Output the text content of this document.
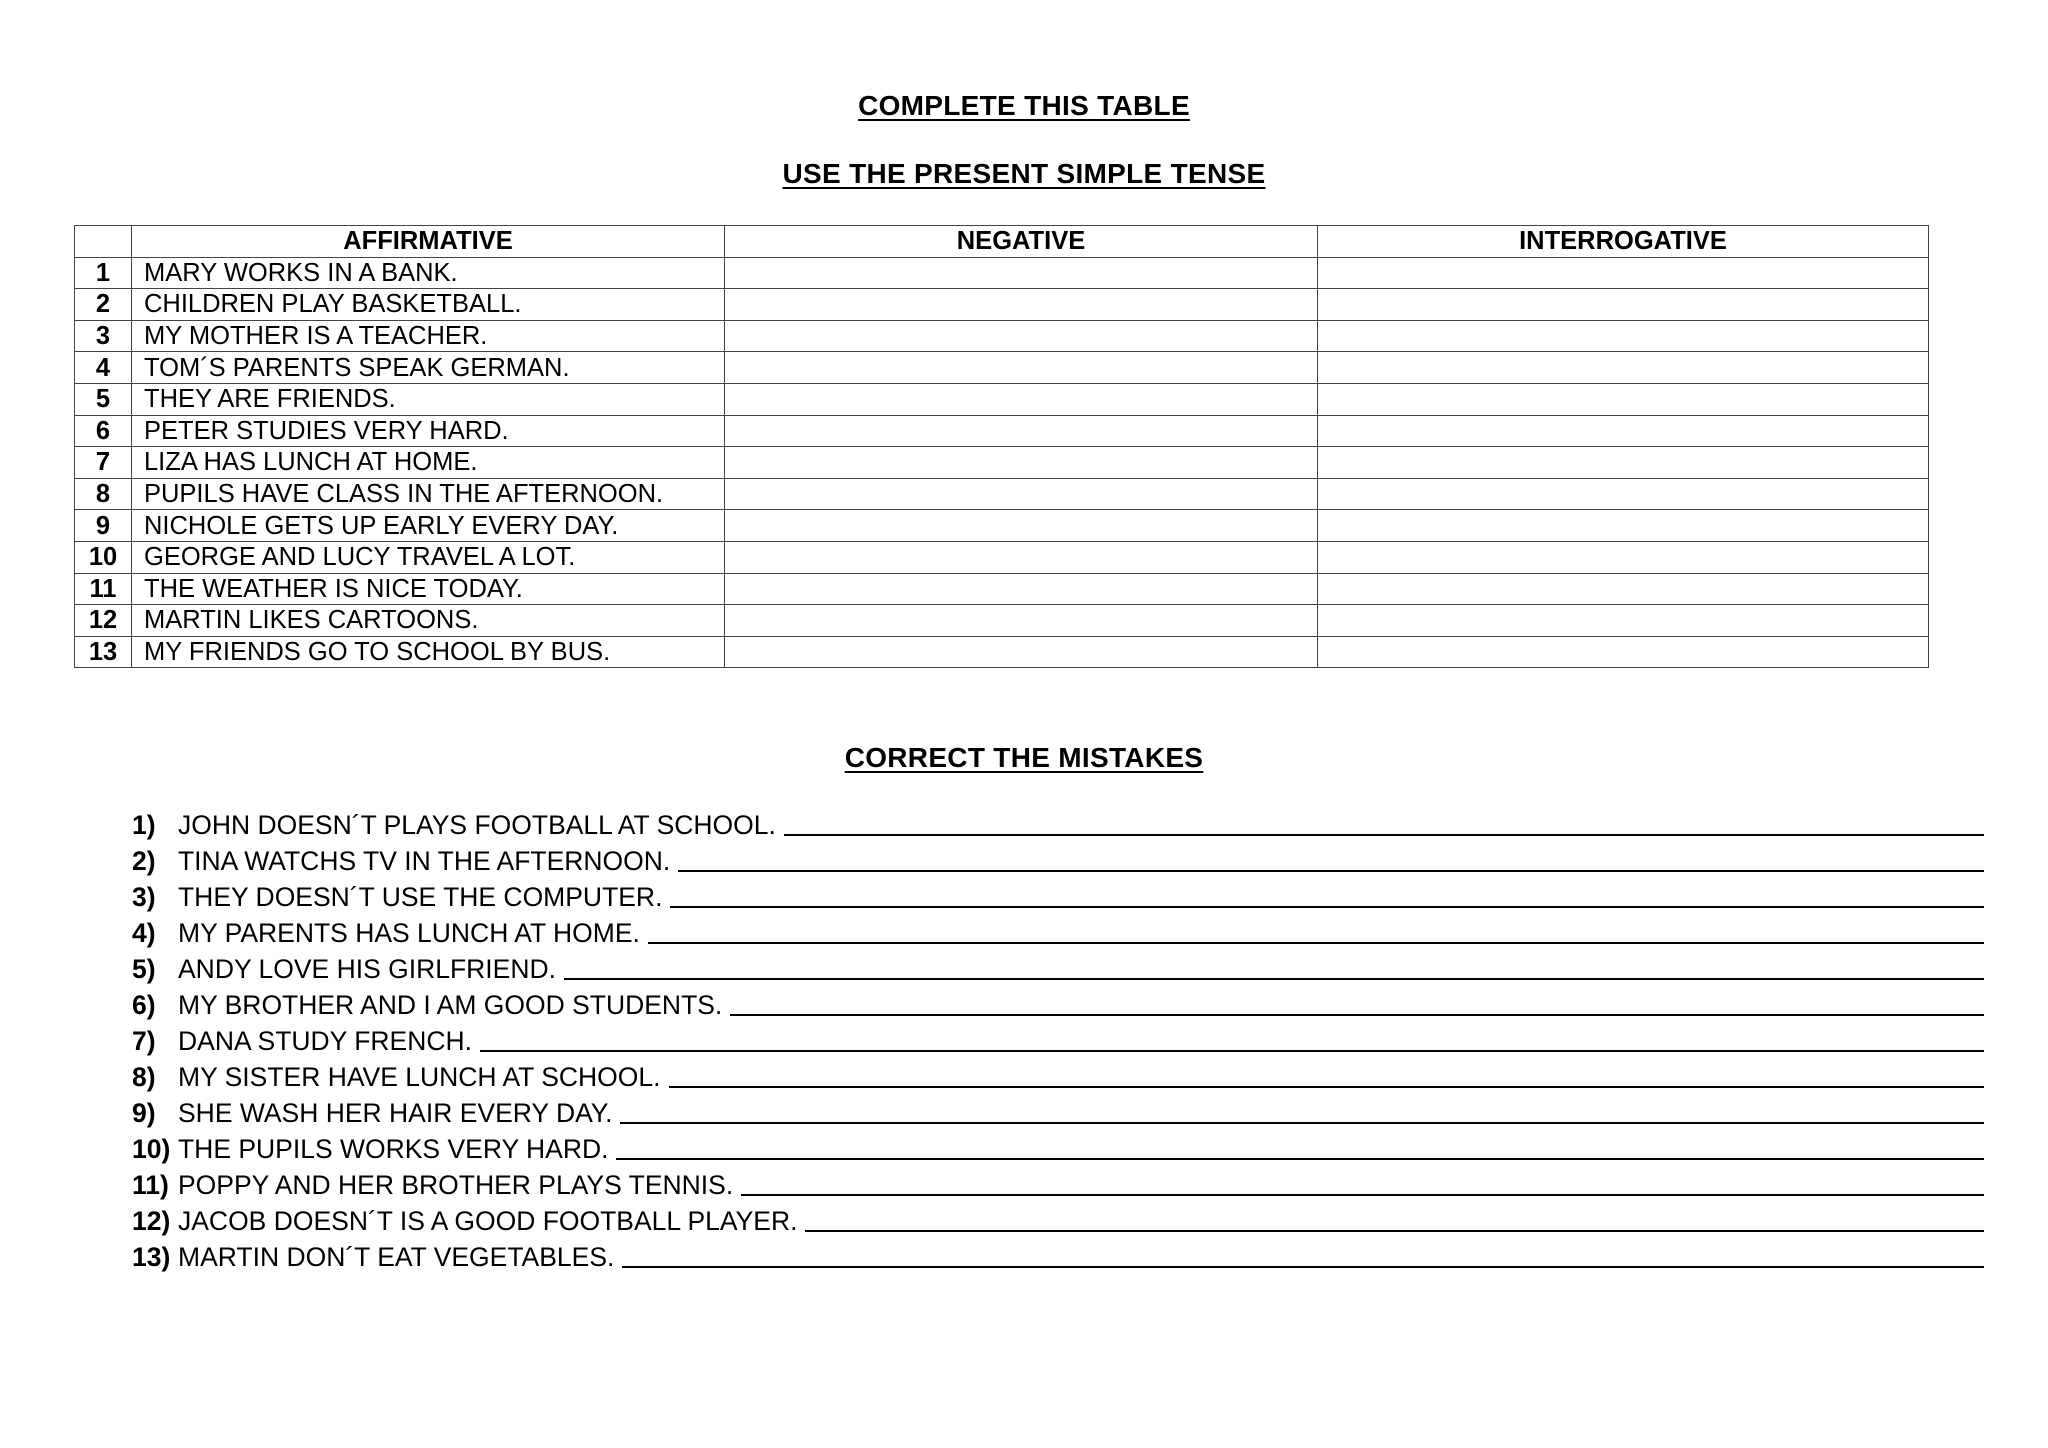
COMPLETE THIS TABLE
USE THE PRESENT SIMPLE TENSE
	AFFIRMATIVE	NEGATIVE	INTERROGATIVE
1	MARY WORKS IN A BANK.		
2	CHILDREN PLAY BASKETBALL.		
3	MY MOTHER IS A TEACHER.		
4	TOM´S PARENTS SPEAK GERMAN.		
5	THEY ARE FRIENDS.		
6	PETER STUDIES VERY HARD.		
7	LIZA HAS LUNCH AT HOME.		
8	PUPILS HAVE CLASS IN THE AFTERNOON.		
9	NICHOLE GETS UP EARLY EVERY DAY.		
10	GEORGE AND LUCY TRAVEL A LOT.		
11	THE WEATHER IS NICE TODAY.		
12	MARTIN LIKES CARTOONS.		
13	MY FRIENDS GO TO SCHOOL BY BUS.		
CORRECT THE MISTAKES
1) JOHN DOESN´T PLAYS FOOTBALL AT SCHOOL.
2) TINA WATCHS TV IN THE AFTERNOON.
3) THEY DOESN´T USE THE COMPUTER.
4) MY PARENTS HAS LUNCH AT HOME.
5) ANDY LOVE HIS GIRLFRIEND.
6) MY BROTHER AND I AM GOOD STUDENTS.
7) DANA STUDY FRENCH.
8) MY SISTER HAVE LUNCH AT SCHOOL.
9) SHE WASH HER HAIR EVERY DAY.
10) THE PUPILS WORKS VERY HARD.
11) POPPY AND HER BROTHER PLAYS TENNIS.
12) JACOB DOESN´T IS A GOOD FOOTBALL PLAYER.
13) MARTIN DON´T EAT VEGETABLES.
